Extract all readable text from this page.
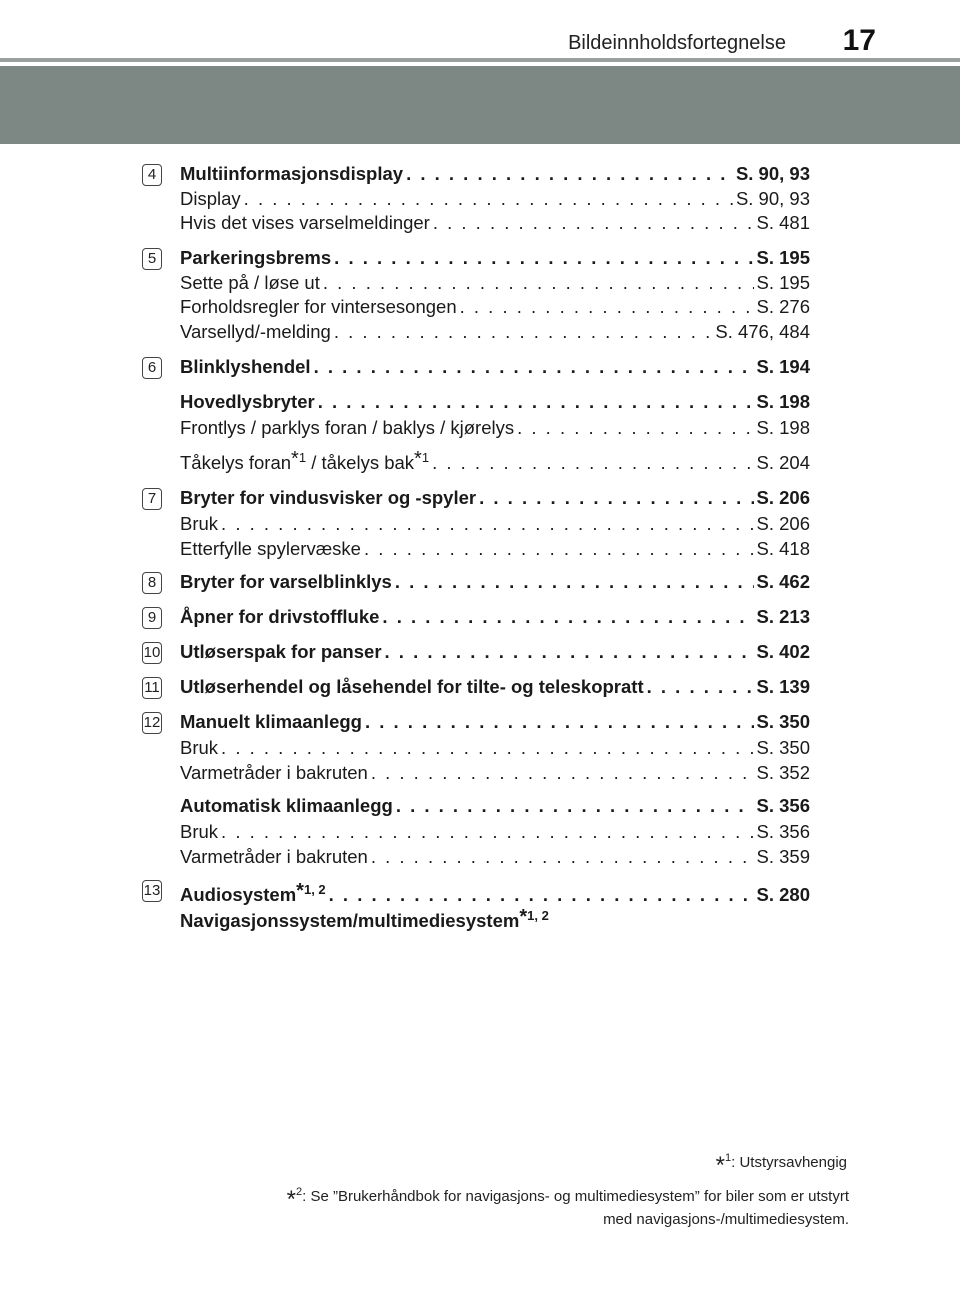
Bildeinnholdsfortegnelse 17
4	Multiinformasjonsdisplay . . .	S. 90, 93
Display . . .	S. 90, 93
Hvis det vises varselmeldinger . . .	S. 481
5	Parkeringsbrems . . .	S. 195
Sette på / løse ut . . .	S. 195
Forholdsregler for vintersesongen . . .	S. 276
Varsellyd/-melding . . .	S. 476, 484
6	Blinklyshendel . . .	S. 194
Hovedlysbryter . . .	S. 198
Frontlys / parklys foran / baklys / kjørelys . . .	S. 198
Tåkelys foran$^{*1}$ / tåkelys bak$^{*1}$ . . .	S. 204
7	Bryter for vindusvisker og -spyler . . .	S. 206
Bruk . . .	S. 206
Etterfylle spylervæske . . .	S. 418
8	Bryter for varselblinklys . . .	S. 462
9	Åpner for drivstoffluke . . .	S. 213
10 Utløserspak for panser . . .	S. 402
11 Utløserhendel og låsehendel for tilte- og teleskopratt . . .	S. 139
12 Manuelt klimaanlegg . . .	S. 350
Bruk . . .	S. 350
Varmetråder i bakruten . . .	S. 352
Automatisk klimaanlegg . . .	S. 356
Bruk . . .	S. 356
Varmetråder i bakruten . . .	S. 359
13 Audiosystem$^{*1, 2}$ . . .	S. 280
Navigasjonssystem/multimediesystem$^{*1, 2}$
*$^1$: Utstyrsavhengig
*$^2$: Se ”Brukerhåndbok for navigasjons- og multimediesystem” for biler som er utstyrt
med navigasjons-/multimediesystem.
